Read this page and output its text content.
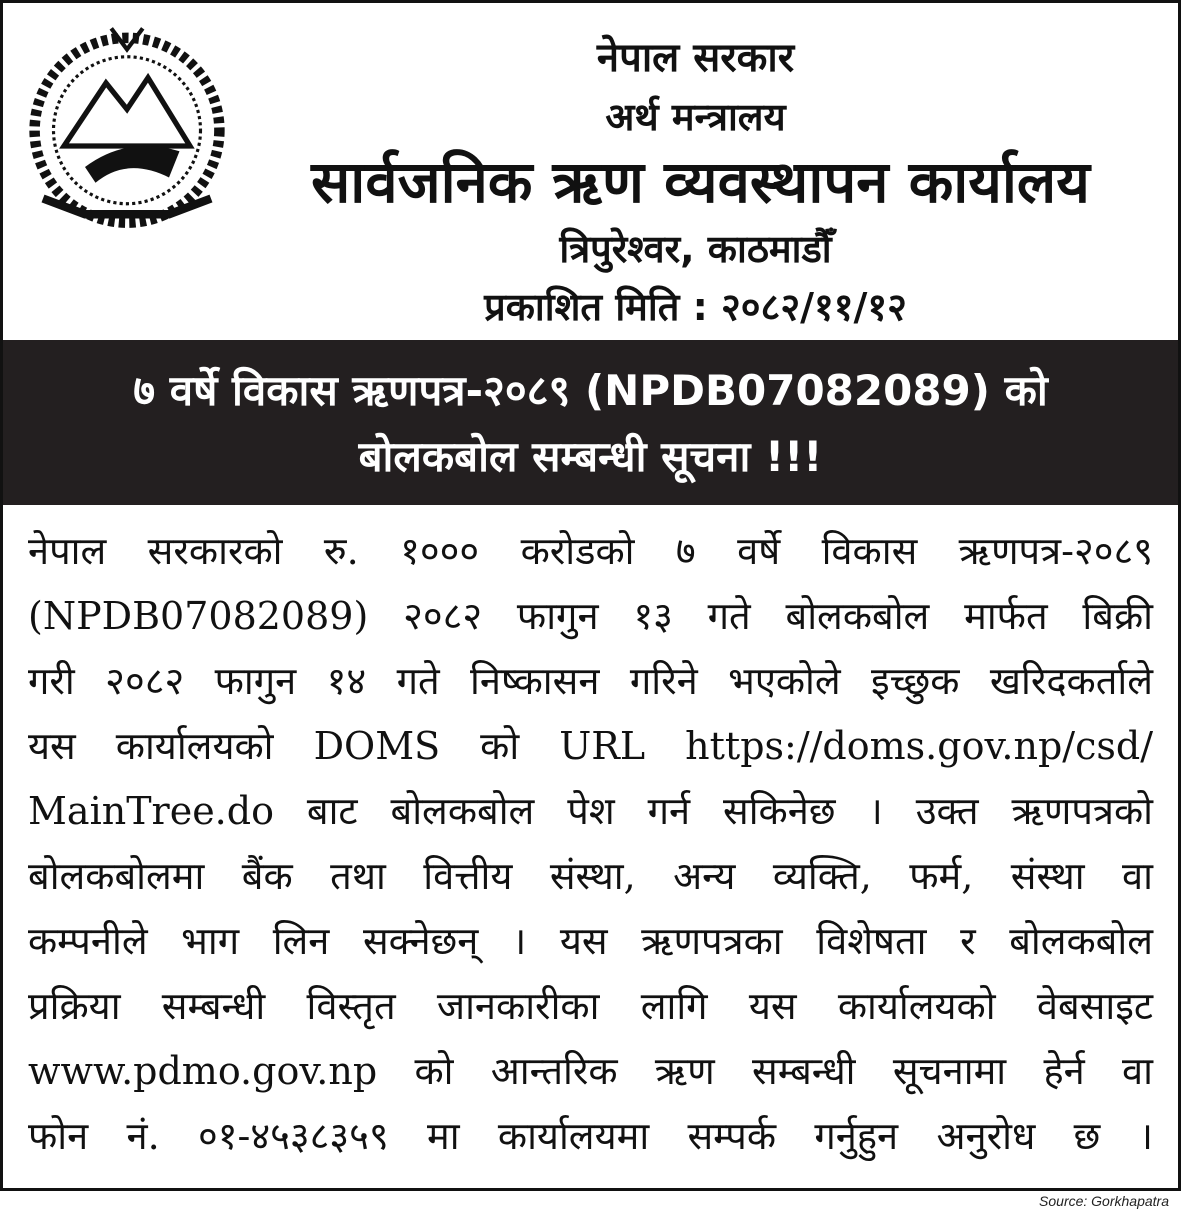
नेपाल सरकार
अर्थ मन्त्रालय
सार्वजनिक ऋण व्यवस्थापन कार्यालय
त्रिपुरेश्वर, काठमाडौँ
प्रकाशित मिति : २०८२/११/१२
७ वर्षे विकास ऋणपत्र-२०८९ (NPDB07082089) को
बोलकबोल सम्बन्धी सूचना !!!
नेपाल सरकारको रु. १००० करोडको ७ वर्षे विकास ऋणपत्र-२०८९
(NPDB07082089) २०८२ फागुन १३ गते बोलकबोल मार्फत बिक्री
गरी २०८२ फागुन १४ गते निष्कासन गरिने भएकोले इच्छुक खरिदकर्ताले
यस कार्यालयको DOMS को URL https://doms.gov.np/csd/
MainTree.do बाट बोलकबोल पेश गर्न सकिनेछ । उक्त ऋणपत्रको
बोलकबोलमा बैंक तथा वित्तीय संस्था, अन्य व्यक्ति, फर्म, संस्था वा
कम्पनीले भाग लिन सक्नेछन् । यस ऋणपत्रका विशेषता र बोलकबोल
प्रक्रिया सम्बन्धी विस्तृत जानकारीका लागि यस कार्यालयको वेबसाइट
www.pdmo.gov.np को आन्तरिक ऋण सम्बन्धी सूचनामा हेर्न वा
फोन नं. ०१-४५३८३५९ मा कार्यालयमा सम्पर्क गर्नुहुन अनुरोध छ ।
Source: Gorkhapatra
